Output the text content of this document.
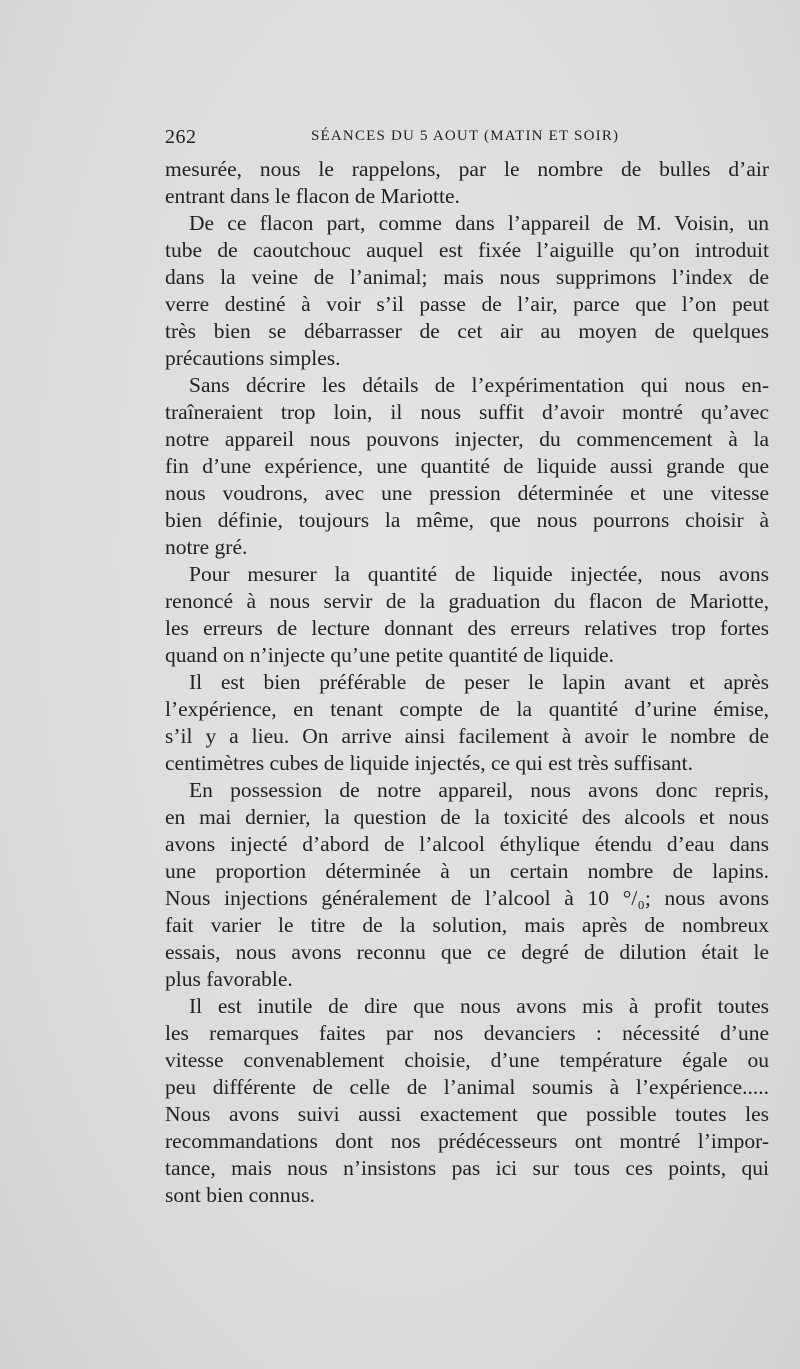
262	SÉANCES DU 5 AOUT (MATIN ET SOIR)
mesurée, nous le rappelons, par le nombre de bulles d’air
entrant dans le flacon de Mariotte.
De ce flacon part, comme dans l’appareil de M. Voisin, un
tube de caoutchouc auquel est fixée l’aiguille qu’on introduit
dans la veine de l’animal; mais nous supprimons l’index de
verre destiné à voir s’il passe de l’air, parce que l’on peut
très bien se débarrasser de cet air au moyen de quelques
précautions simples.
Sans décrire les détails de l’expérimentation qui nous en-
traîneraient trop loin, il nous suffit d’avoir montré qu’avec
notre appareil nous pouvons injecter, du commencement à la
fin d’une expérience, une quantité de liquide aussi grande que
nous voudrons, avec une pression déterminée et une vitesse
bien définie, toujours la même, que nous pourrons choisir à
notre gré.
Pour mesurer la quantité de liquide injectée, nous avons
renoncé à nous servir de la graduation du flacon de Mariotte,
les erreurs de lecture donnant des erreurs relatives trop fortes
quand on n’injecte qu’une petite quantité de liquide.
Il est bien préférable de peser le lapin avant et après
l’expérience, en tenant compte de la quantité d’urine émise,
s’il y a lieu. On arrive ainsi facilement à avoir le nombre de
centimètres cubes de liquide injectés, ce qui est très suffisant.
En possession de notre appareil, nous avons donc repris,
en mai dernier, la question de la toxicité des alcools et nous
avons injecté d’abord de l’alcool éthylique étendu d’eau dans
une proportion déterminée à un certain nombre de lapins.
Nous injections généralement de l’alcool à 10 °/₀; nous avons
fait varier le titre de la solution, mais après de nombreux
essais, nous avons reconnu que ce degré de dilution était le
plus favorable.
Il est inutile de dire que nous avons mis à profit toutes
les remarques faites par nos devanciers : nécessité d’une
vitesse convenablement choisie, d’une température égale ou
peu différente de celle de l’animal soumis à l’expérience.....
Nous avons suivi aussi exactement que possible toutes les
recommandations dont nos prédécesseurs ont montré l’impor-
tance, mais nous n’insistons pas ici sur tous ces points, qui
sont bien connus.
